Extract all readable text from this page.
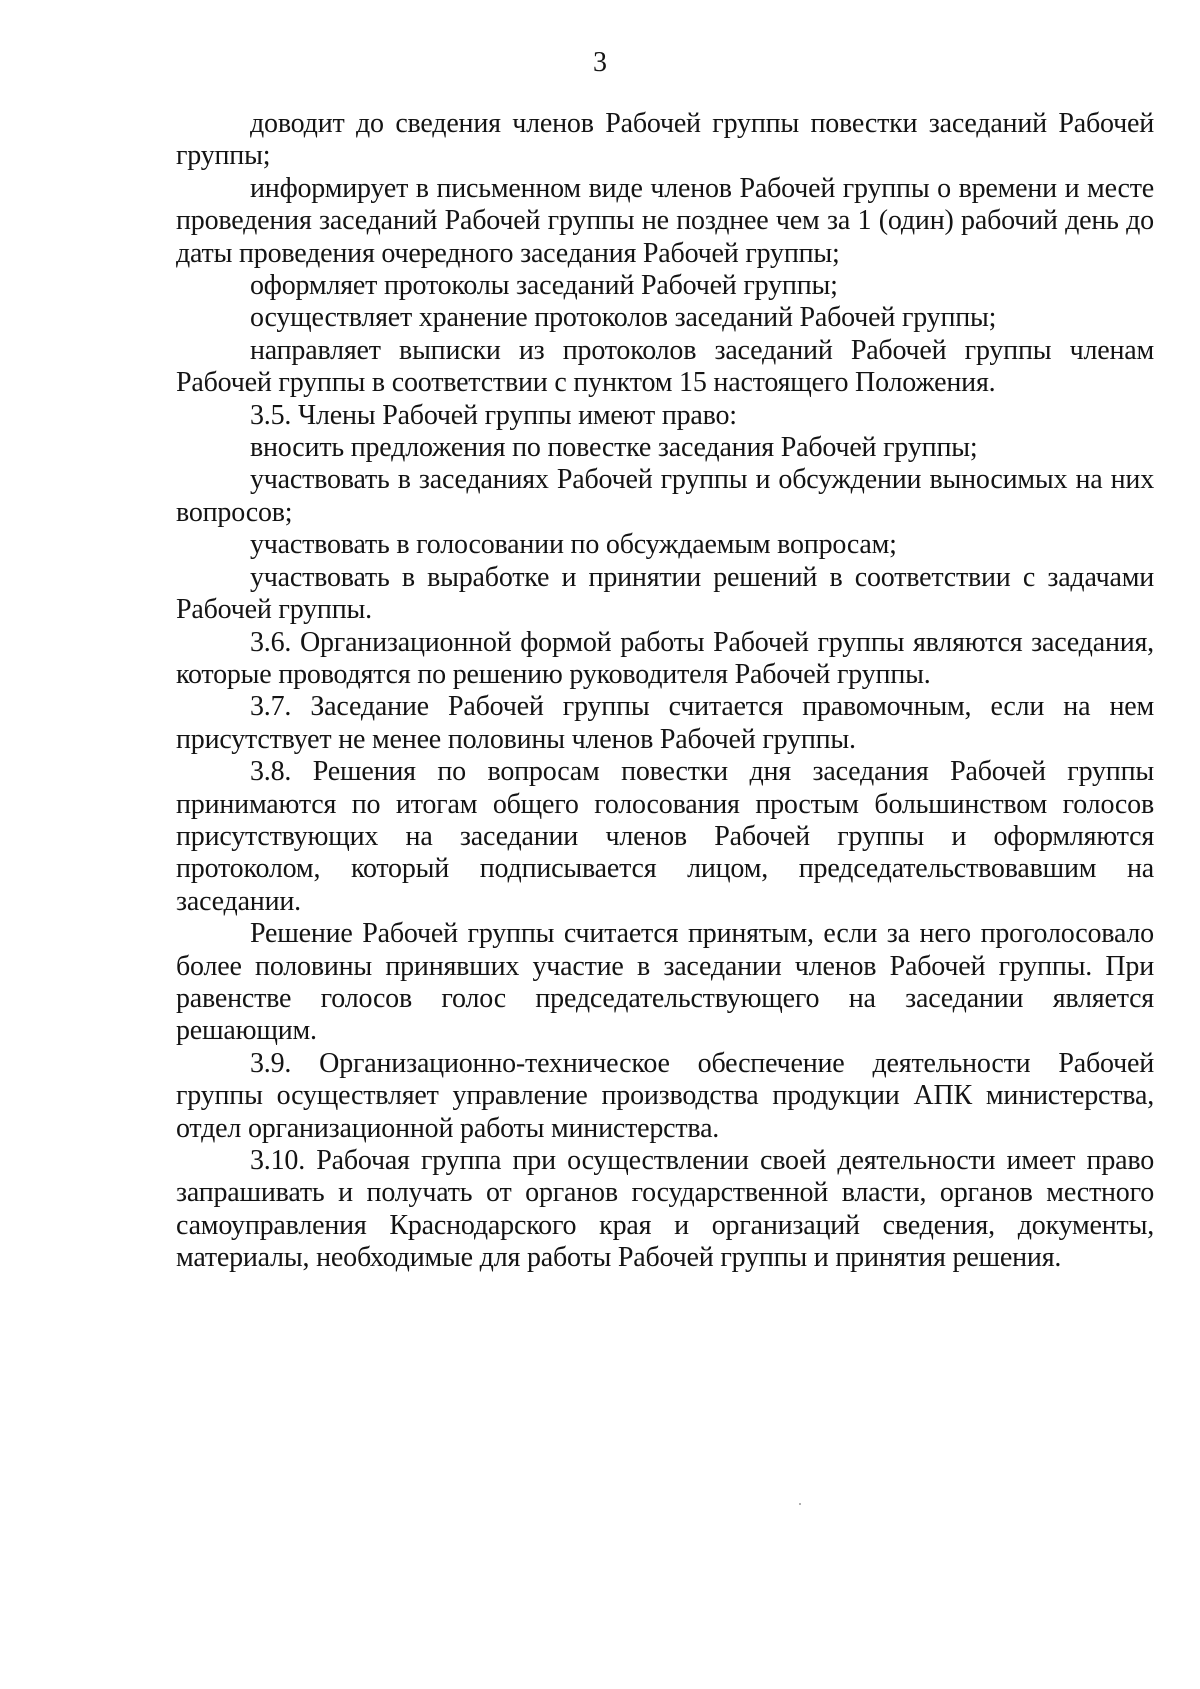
3

доводит до сведения членов Рабочей группы повестки заседаний Рабочей группы;

информирует в письменном виде членов Рабочей группы о времени и месте проведения заседаний Рабочей группы не позднее чем за 1 (один) рабочий день до даты проведения очередного заседания Рабочей группы;

оформляет протоколы заседаний Рабочей группы;

осуществляет хранение протоколов заседаний Рабочей группы;

направляет выписки из протоколов заседаний Рабочей группы членам Рабочей группы в соответствии с пунктом 15 настоящего Положения.

3.5. Члены Рабочей группы имеют право:

вносить предложения по повестке заседания Рабочей группы;

участвовать в заседаниях Рабочей группы и обсуждении выносимых на них вопросов;

участвовать в голосовании по обсуждаемым вопросам;

участвовать в выработке и принятии решений в соответствии с задачами Рабочей группы.

3.6. Организационной формой работы Рабочей группы являются заседания, которые проводятся по решению руководителя Рабочей группы.

3.7. Заседание Рабочей группы считается правомочным, если на нем присутствует не менее половины членов Рабочей группы.

3.8. Решения по вопросам повестки дня заседания Рабочей группы принимаются по итогам общего голосования простым большинством голосов присутствующих на заседании членов Рабочей группы и оформляются протоколом, который подписывается лицом, председательствовавшим на заседании.

Решение Рабочей группы считается принятым, если за него проголосовало более половины принявших участие в заседании членов Рабочей группы. При равенстве голосов голос председательствующего на заседании является решающим.

3.9. Организационно-техническое обеспечение деятельности Рабочей группы осуществляет управление производства продукции АПК министерства, отдел организационной работы министерства.

3.10. Рабочая группа при осуществлении своей деятельности имеет право запрашивать и получать от органов государственной власти, органов местного самоуправления Краснодарского края и организаций сведения, документы, материалы, необходимые для работы Рабочей группы и принятия решения.
